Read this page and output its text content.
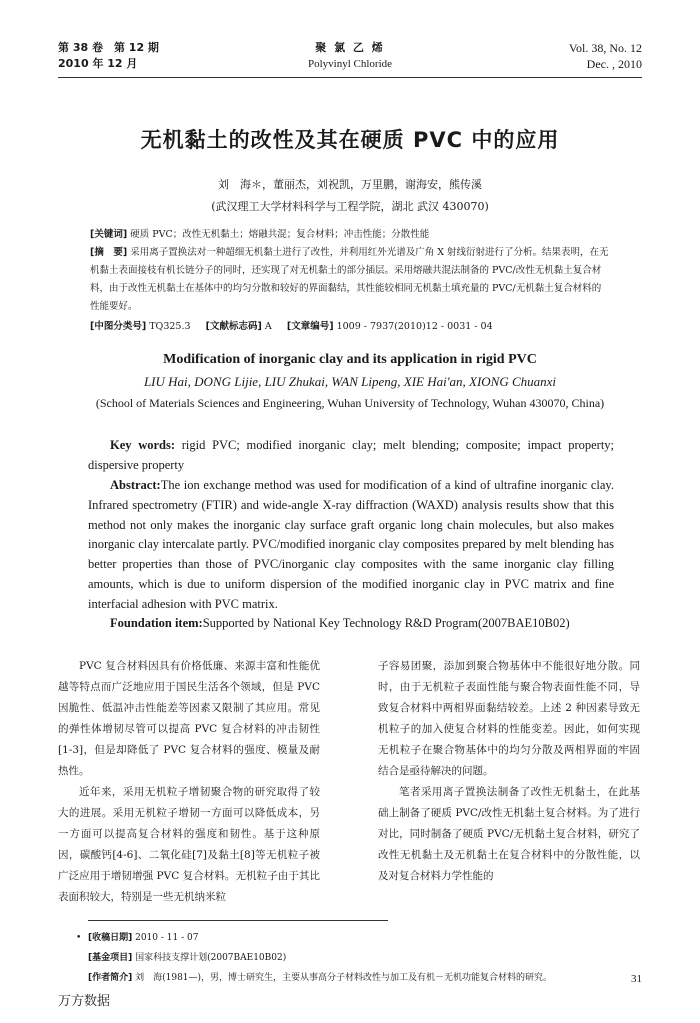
第 38 卷　第 12 期
2010 年 12 月
聚 氯 乙 烯
Polyvinyl Chloride
Vol. 38, No. 12
Dec. , 2010
无机黏土的改性及其在硬质 PVC 中的应用
刘　海＊，董丽杰，刘祝凯，万里鹏，谢海安，熊传溪
(武汉理工大学材料科学与工程学院，湖北 武汉 430070)
[关键词] 硬质 PVC；改性无机黏土；熔融共混；复合材料；冲击性能；分散性能
[摘　要] 采用离子置换法对一种超细无机黏土进行了改性，并利用红外光谱及广角 X 射线衍射进行了分析。结果表明，在无机黏土表面接枝有机长链分子的同时，还实现了对无机黏土的部分插层。采用熔融共混法制备的 PVC/改性无机黏土复合材料，由于改性无机黏土在基体中的均匀分散和较好的界面黏结，其性能较相同无机黏土填充量的 PVC/无机黏土复合材料的性能要好。
[中图分类号] TQ325.3 [文献标志码] A [文章编号] 1009 - 7937(2010)12 - 0031 - 04
Modification of inorganic clay and its application in rigid PVC
LIU Hai, DONG Lijie, LIU Zhukai, WAN Lipeng, XIE Hai'an, XIONG Chuanxi
(School of Materials Sciences and Engineering, Wuhan University of Technology, Wuhan 430070, China)
Key words: rigid PVC; modified inorganic clay; melt blending; composite; impact property; dispersive property
Abstract:The ion exchange method was used for modification of a kind of ultrafine inorganic clay. Infrared spectrometry (FTIR) and wide-angle X-ray diffraction (WAXD) analysis results show that this method not only makes the inorganic clay surface graft organic long chain molecules, but also makes inorganic clay intercalate partly. PVC/modified inorganic clay composites prepared by melt blending has better properties than those of PVC/inorganic clay composites with the same inorganic clay filling amounts, which is due to uniform dispersion of the modified inorganic clay in PVC matrix and fine interfacial adhesion with PVC matrix.
Foundation item:Supported by National Key Technology R&D Program(2007BAE10B02)

PVC 复合材料因具有价格低廉、来源丰富和性能优越等特点而广泛地应用于国民生活各个领域，但是 PVC 因脆性、低温冲击性能差等因素又限制了其应用。常见的弹性体增韧尽管可以提高 PVC 复合材料的冲击韧性[1-3]，但是却降低了 PVC 复合材料的强度、模量及耐热性。

近年来，采用无机粒子增韧聚合物的研究取得了较大的进展。采用无机粒子增韧一方面可以降低成本，另一方面可以提高复合材料的强度和韧性。基于这种原因，碳酸钙[4-6]、二氧化硅[7]及黏土[8]等无机粒子被广泛应用于增韧增强 PVC 复合材料。无机粒子由于其比表面积较大，特别是一些无机纳米粒

子容易团聚，添加到聚合物基体中不能很好地分散。同时，由于无机粒子表面性能与聚合物表面性能不同，导致复合材料中两相界面黏结较差。上述 2 种因素导致无机粒子的加入使复合材料的性能变差。因此，如何实现无机粒子在聚合物基体中的均匀分散及两相界面的牢固结合是亟待解决的问题。

笔者采用离子置换法制备了改性无机黏土，在此基础上制备了硬质 PVC/改性无机黏土复合材料。为了进行对比，同时制备了硬质 PVC/无机黏土复合材料，研究了改性无机黏土及无机黏土在复合材料中的分散性能，以及对复合材料力学性能的

• [收稿日期] 2010 - 11 - 07
[基金项目] 国家科技支撑计划(2007BAE10B02)
[作者简介] 刘　海(1981—)，男，博士研究生，主要从事高分子材料改性与加工及有机－无机功能复合材料的研究。	31
万方数据
